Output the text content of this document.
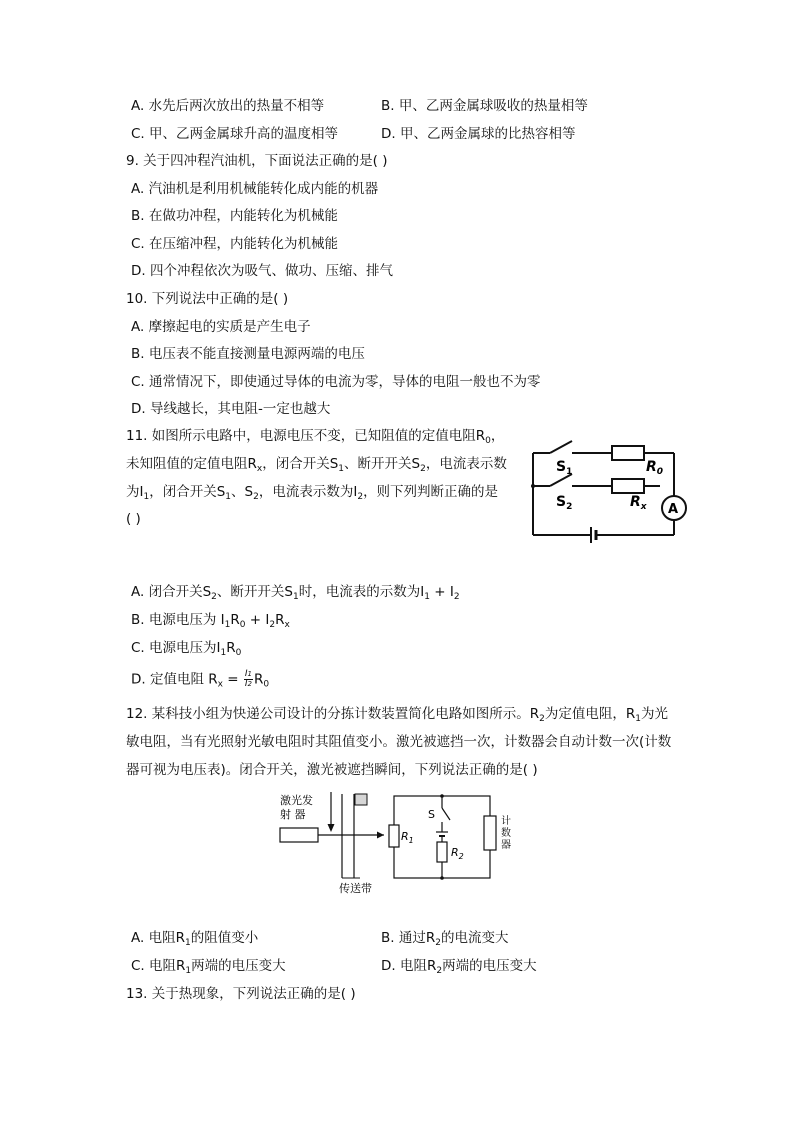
A. 水先后两次放出的热量不相等	B. 甲、乙两金属球吸收的热量相等
C. 甲、乙两金属球升高的温度相等	D. 甲、乙两金属球的比热容相等
9. 关于四冲程汽油机，下面说法正确的是( )
A. 汽油机是利用机械能转化成内能的机器
B. 在做功冲程，内能转化为机械能
C. 在压缩冲程，内能转化为机械能
D. 四个冲程依次为吸气、做功、压缩、排气
10. 下列说法中正确的是( )
A. 摩擦起电的实质是产生电子
B. 电压表不能直接测量电源两端的电压
C. 通常情况下，即使通过导体的电流为零，导体的电阻一般也不为零
D. 导线越长，其电阻-一定也越大
11. 如图所示电路中，电源电压不变，已知阻值的定值电阻$R_0$，
未知阻值的定值电阻$R_x$，闭合开关$S_1$、断开开关$S_2$，电流表示数
为$I_1$，闭合开关$S_1$、$S_2$，电流表示数为$I_2$，则下列判断正确的是
( )
$S_1$
$S_2$
$R_0$
$R_x$ A
A. 闭合开关$S_2$、断开开关$S_1$时，电流表的示数为$I_1 + I_2$
B. 电源电压为 $I_1R_0 + I_2R_x$
C. 电源电压为$I_1R_0$
D. 定值电阻 $R_x = \frac{I1}{I2} R_0$
12. 某科技小组为快递公司设计的分拣计数装置简化电路如图所示。$R_2$为定值电阻，$R_1$为光
敏电阻，当有光照射光敏电阻时其阻值变小。激光被遮挡一次，计数器会自动计数一次(计数
器可视为电压表)。闭合开关，激光被遮挡瞬间，下列说法正确的是( )
激光发
射 器
传送带
$R_1$
S
$R_2$
计
数
器
A. 电阻$R_1$的阻值变小	B. 通过$R_2$的电流变大
C. 电阻$R_1$两端的电压变大	D. 电阻$R_2$两端的电压变大
13. 关于热现象，下列说法正确的是( )
